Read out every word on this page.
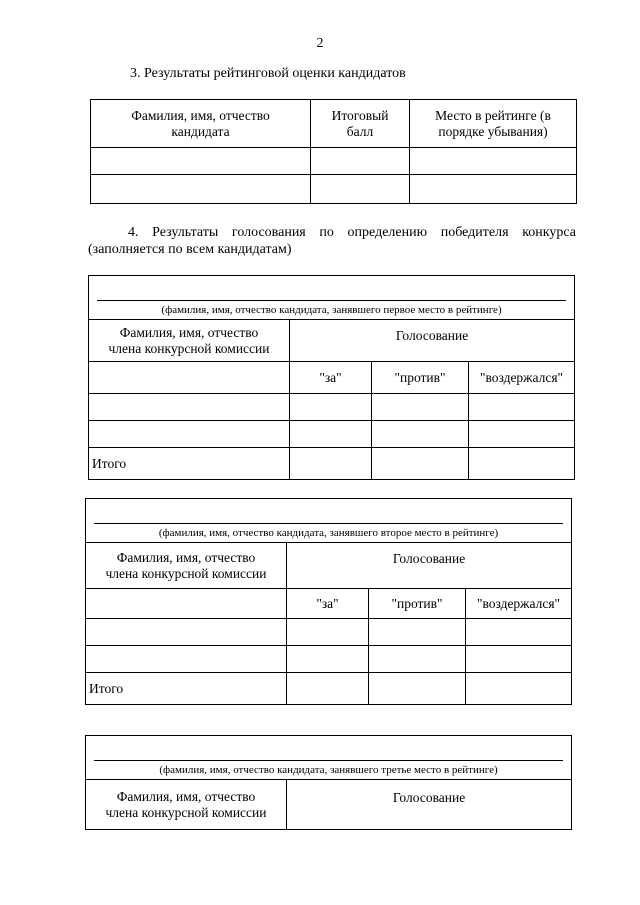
2
3. Результаты рейтинговой оценки кандидатов
Фамилия, имя, отчество кандидата	Итоговый балл	Место в рейтинге (в порядке убывания)

4. Результаты голосования по определению победителя конкурса (заполняется по всем кандидатам)
(фамилия, имя, отчество кандидата, занявшего первое место в рейтинге)			

Фамилия, имя, отчество члена конкурсной комиссии	Голосование		
	"за"	"против"	"воздержался"

Итого			
(фамилия, имя, отчество кандидата, занявшего второе место в рейтинге)			

Фамилия, имя, отчество члена конкурсной комиссии	Голосование		
	"за"	"против"	"воздержался"

Итого			
(фамилия, имя, отчество кандидата, занявшего третье место в рейтинге)

Фамилия, имя, отчество члена конкурсной комиссии	Голосование
